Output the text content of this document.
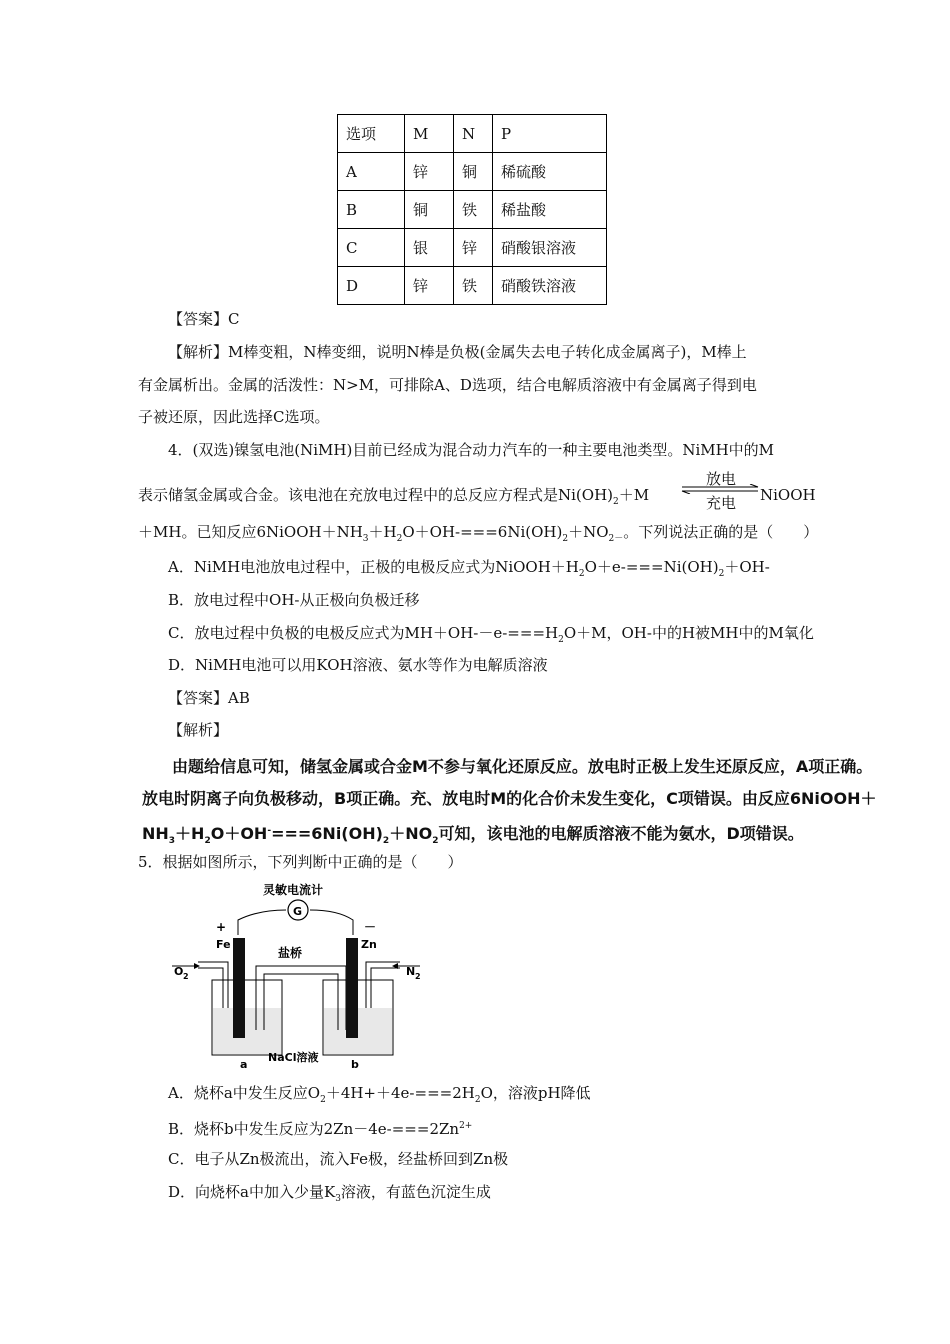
选项	M	N	P
A	锌	铜	稀硫酸
B	铜	铁	稀盐酸
C	银	锌	硝酸银溶液
D	锌	铁	硝酸铁溶液
【答案】C
【解析】M棒变粗，N棒变细，说明N棒是负极(金属失去电子转化成金属离子)，M棒上
有金属析出。金属的活泼性：N>M，可排除A、D选项，结合电解质溶液中有金属离子得到电
子被还原，因此选择C选项。
4．(双选)镍氢电池(NiMH)目前已经成为混合动力汽车的一种主要电池类型。NiMH中的M
表示储氢金属或合金。该电池在充放电过程中的总反应方程式是$Ni(OH)_2+M$
放电
充电 NiOOH
＋MH。已知反应$6NiOOH+NH_3+H_2O+OH-===6Ni(OH)_2+NO_{2-}$。下列说法正确的是（　　）
A．NiMH电池放电过程中，正极的电极反应式为$NiOOH+H_2O+e-===Ni(OH)_2+OH-$
B．放电过程中OH-从正极向负极迁移
C．放电过程中负极的电极反应式为$MH+OH--e-===H_2O+M$，OH-中的H被MH中的M氧化
D．NiMH电池可以用KOH溶液、氨水等作为电解质溶液
【答案】AB
【解析】
由题给信息可知，储氢金属或合金M不参与氧化还原反应。放电时正极上发生还原反应，A项正确。
放电时阴离子向负极移动，B项正确。充、放电时M的化合价未发生变化，C项错误。由反应6NiOOH＋
$NH_3+H_2O+OH^-===6Ni(OH)_2+NO_2$可知，该电池的电解质溶液不能为氨水，D项错误。
5．根据如图所示，下列判断中正确的是（　　）
G
灵敏电流计
+	－
Fe	Zn
盐桥
O 2	N 2
a	b
NaCl溶液
A．烧杯a中发生反应$O_2+4H++4e-===2H_2O$，溶液pH降低
B．烧杯b中发生反应为$2Zn-4e-===2Zn^{2+}$
C．电子从Zn极流出，流入Fe极，经盐桥回到Zn极
D．向烧杯a中加入少量$K_3$溶液，有蓝色沉淀生成
